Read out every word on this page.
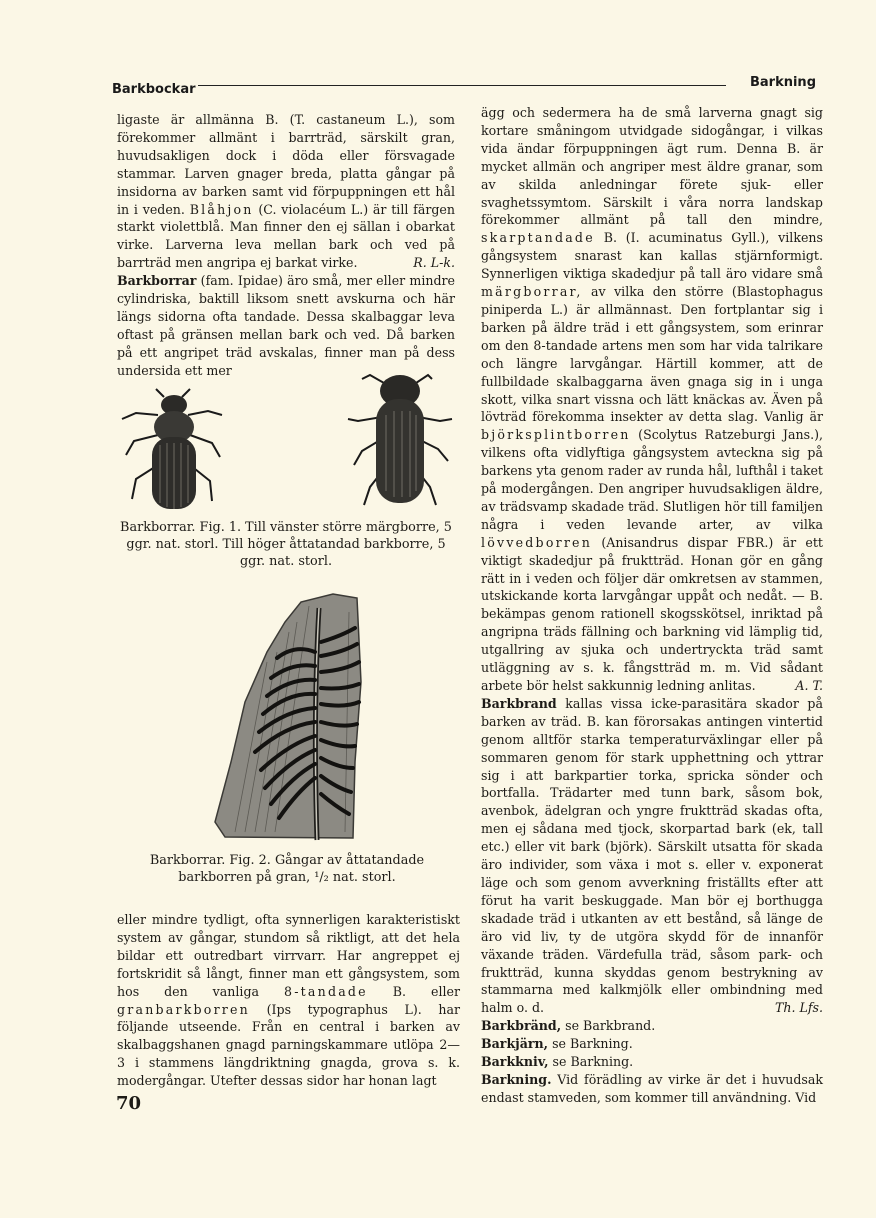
Barkbockar	Barkning

ligaste är allmänna B. (T. castaneum L.), som förekommer allmänt i barrträd, särskilt gran, huvudsakligen dock i döda eller försvagade stammar. Larven gnager breda, platta gångar på insidorna av barken samt vid förpuppningen ett hål in i veden. Blåhjon (C. violacéum L.) är till färgen starkt violettblå. Man finner den ej sällan i obarkat virke. Larverna leva mellan bark och ved på barrträd men angripa ej barkat virke.	R. L-k.

Barkborrar (fam. Ipidae) äro små, mer eller mindre cylindriska, baktill liksom snett avskurna och här längs sidorna ofta tandade. Dessa skalbaggar leva oftast på gränsen mellan bark och ved. Då barken på ett angripet träd avskalas, finner man på dess undersida ett mer

Barkborrar. Fig. 1. Till vänster större märgborre, 5 ggr. nat. storl. Till höger åttatandad barkborre, 5 ggr. nat. storl.
Barkborrar. Fig. 2. Gångar av åttatandade barkborren på gran, ¹/₂ nat. storl.

eller mindre tydligt, ofta synnerligen karakteristiskt system av gångar, stundom så riktligt, att det hela bildar ett outredbart virrvarr. Har angreppet ej fortskridit så långt, finner man ett gångsystem, som hos den vanliga 8-tandade B. eller granbarkborren (Ips typographus L). har följande utseende. Från en central i barken av skalbaggshanen gnagd parningskammare utlöpa 2—3 i stammens längdriktning gnagda, grova s. k. modergångar. Utefter dessas sidor har honan lagt

ägg och sedermera ha de små larverna gnagt sig kortare småningom utvidgade sidogångar, i vilkas vida ändar förpuppningen ägt rum. Denna B. är mycket allmän och angriper mest äldre granar, som av skilda anledningar förete sjuk- eller svaghetssymtom. Särskilt i våra norra landskap förekommer allmänt på tall den mindre, skarptandade B. (I. acuminatus Gyll.), vilkens gångsystem snarast kan kallas stjärnformigt. Synnerligen viktiga skadedjur på tall äro vidare små märgborrar, av vilka den större (Blastophagus piniperda L.) är allmännast. Den fortplantar sig i barken på äldre träd i ett gångsystem, som erinrar om den 8-tandade artens men som har vida talrikare och längre larvgångar. Härtill kommer, att de fullbildade skalbaggarna även gnaga sig in i unga skott, vilka snart vissna och lätt knäckas av. Även på lövträd förekomma insekter av detta slag. Vanlig är björksplintborren (Scolytus Ratzeburgi Jans.), vilkens ofta vidlyftiga gångsystem avteckna sig på barkens yta genom rader av runda hål, lufthål i taket på modergången. Den angriper huvudsakligen äldre, av trädsvamp skadade träd. Slutligen hör till familjen några i veden levande arter, av vilka lövvedborren (Anisandrus dispar FBR.) är ett viktigt skadedjur på fruktträd. Honan gör en gång rätt in i veden och följer där omkretsen av stammen, utskickande korta larvgångar uppåt och nedåt. — B. bekämpas genom rationell skogsskötsel, inriktad på angripna träds fällning och barkning vid lämplig tid, utgallring av sjuka och undertryckta träd samt utläggning av s. k. fångstträd m. m. Vid sådant arbete bör helst sakkunnig ledning anlitas.	A. T.

Barkbrand kallas vissa icke-parasitära skador på barken av träd. B. kan förorsakas antingen vintertid genom alltför starka temperaturväxlingar eller på sommaren genom för stark upphettning och yttrar sig i att barkpartier torka, spricka sönder och bortfalla. Trädarter med tunn bark, såsom bok, avenbok, ädelgran och yngre fruktträd skadas ofta, men ej sådana med tjock, skorpartad bark (ek, tall etc.) eller vit bark (björk). Särskilt utsatta för skada äro individer, som växa i mot s. eller v. exponerat läge och som genom avverkning friställts efter att förut ha varit beskuggade. Man bör ej borthugga skadade träd i utkanten av ett bestånd, så länge de äro vid liv, ty de utgöra skydd för de innanför växande träden. Värdefulla träd, såsom park- och fruktträd, kunna skyddas genom bestrykning av stammarna med kalkmjölk eller ombindning med halm o. d.	Th. Lfs.

Barkbränd, se Barkbrand.

Barkjärn, se Barkning.

Barkkniv, se Barkning.

Barkning. Vid förädling av virke är det i huvudsak endast stamveden, som kommer till användning. Vid

70
